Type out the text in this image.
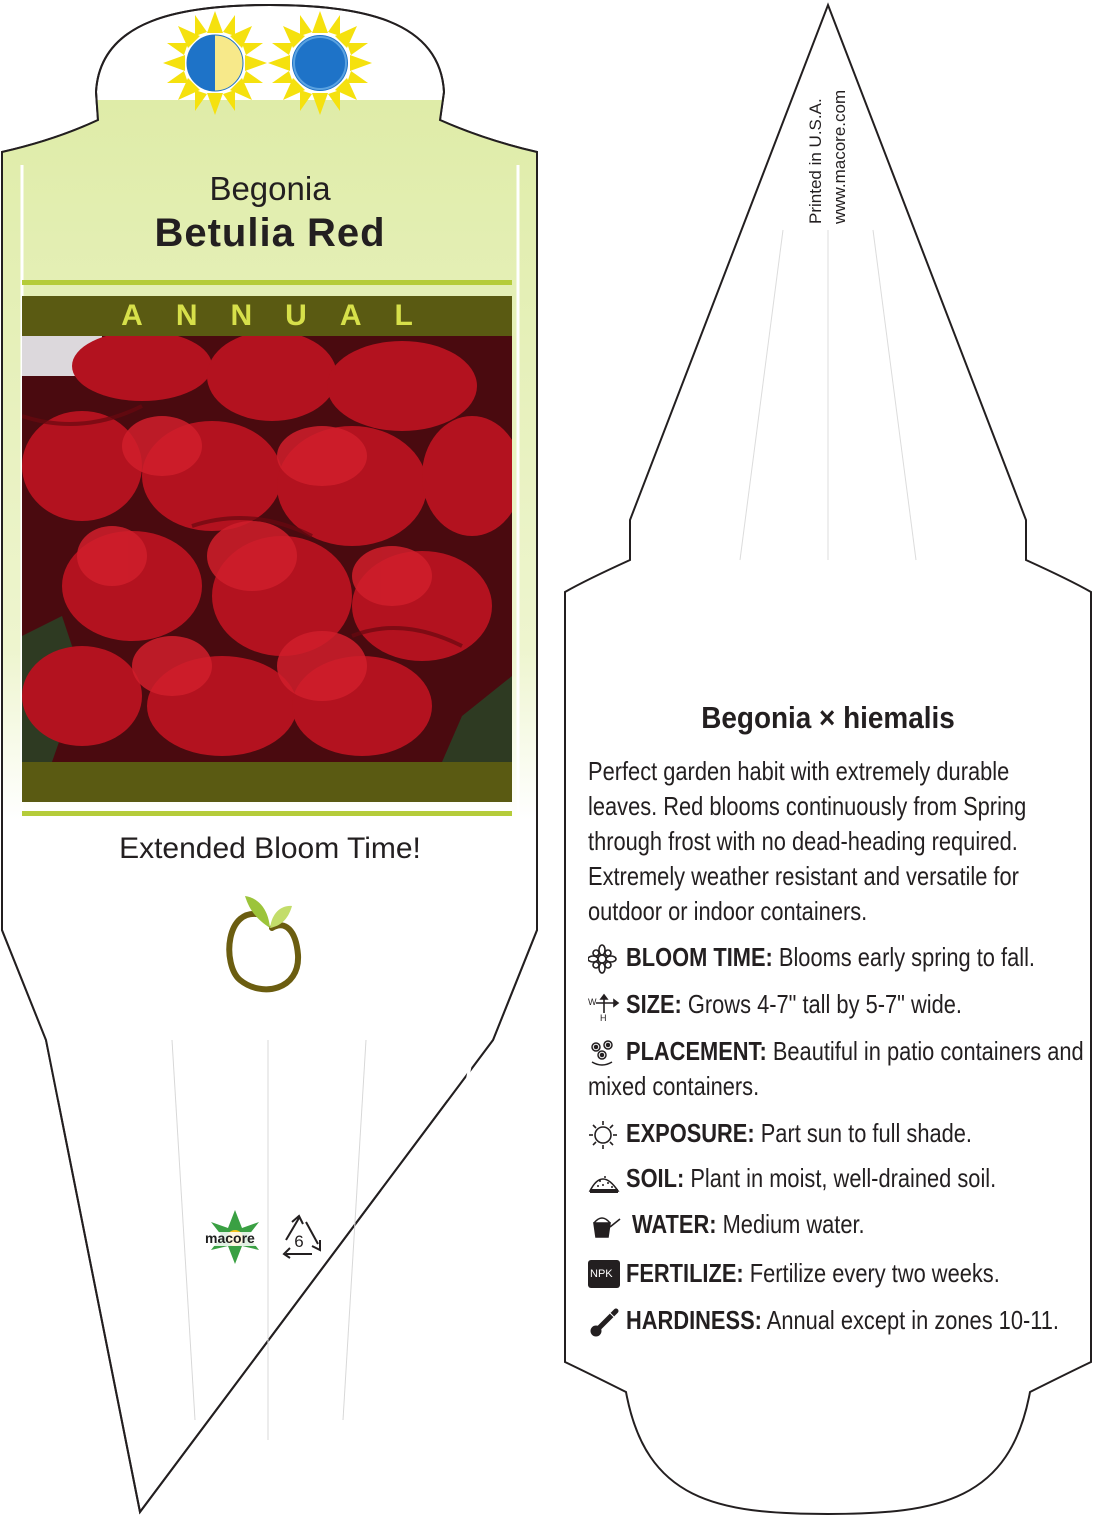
Begonia
Betulia Red
ANNUAL
Extended Bloom Time!
macore	6
Printed in U.S.A. www.macore.com
Begonia × hiemalis
Perfect garden habit with extremely durable
leaves. Red blooms continuously from Spring
through frost with no dead-heading required.
Extremely weather resistant and versatile for
outdoor or indoor containers.
BLOOM TIME: Blooms early spring to fall.
W
H SIZE: Grows 4-7" tall by 5-7" wide.
PLACEMENT: Beautiful in patio containers and
mixed containers.
EXPOSURE: Part sun to full shade.
SOIL: Plant in moist, well-drained soil.
WATER: Medium water.
NPK FERTILIZE: Fertilize every two weeks.
HARDINESS: Annual except in zones 10-11.
